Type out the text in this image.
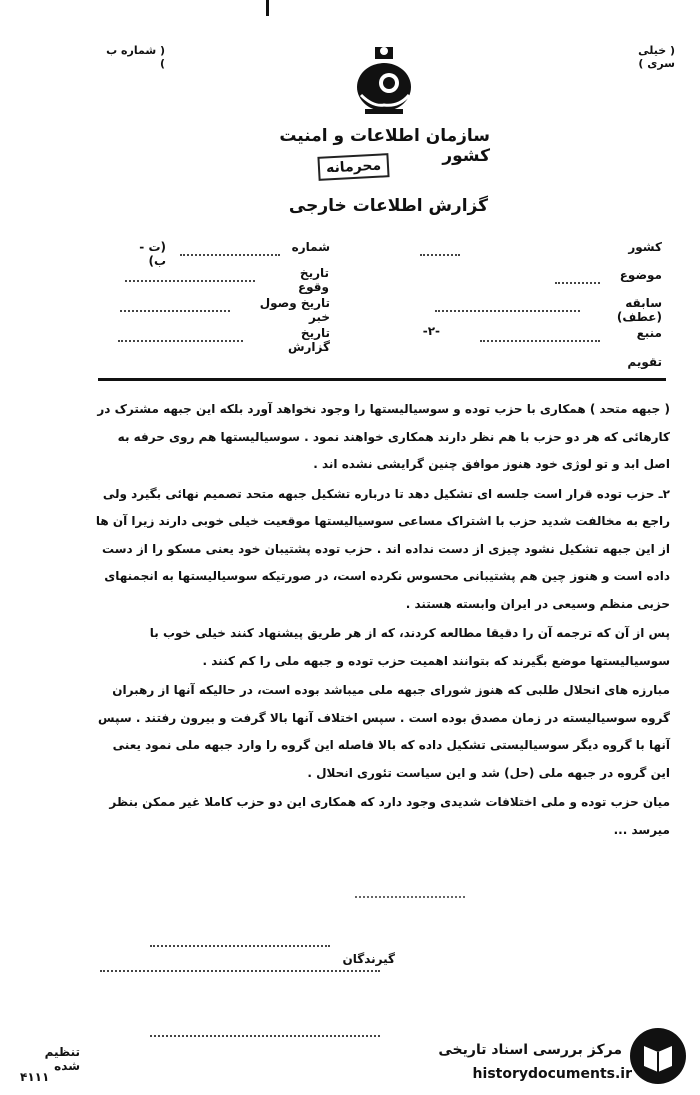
( شماره ب )
( خیلی سری )
سازمان اطلاعات و امنیت کشور
محرمانه
گزارش اطلاعات خارجی
کشور
شماره
(ت - ب)
موضوع
تاریخ وقوع
سابقه (عطف)
تاریخ وصول خبر
منبع
-۲-
تاریخ گزارش
تقویم

( جبهه متحد ) همکاری با حزب توده و سوسیالیستها را وجود نخواهد آورد بلکه این جبهه مشترک در کارهائی که هر دو حزب با هم نظر دارند همکاری خواهند نمود . سوسیالیستها هم روی حرفه به اصل ابد و تو لوژی خود هنوز موافق چنین گرایشی نشده اند .

۲ـ حزب توده قرار است جلسه ای تشکیل دهد تا درباره تشکیل جبهه متحد تصمیم نهائی بگیرد ولی راجع به مخالفت شدید حزب با اشتراک مساعی سوسیالیستها موقعیت خیلی خوبی دارند زیرا آن ها از این جبهه تشکیل نشود چیزی از دست نداده اند . حزب توده پشتیبان خود یعنی مسکو را از دست داده است و هنوز چین هم پشتیبانی محسوس نکرده است، در صورتیکه سوسیالیستها به انجمنهای حزبی منظم وسیعی در ایران وابسته هستند .

پس از آن که ترجمه آن را دقیقا مطالعه کردند، که از هر طریق پیشنهاد کنند خیلی خوب با سوسیالیستها موضع بگیرند که بتوانند اهمیت حزب توده و جبهه ملی را کم کنند .

مبارزه های انحلال طلبی که هنوز شورای جبهه ملی میباشد بوده است، در حالیکه آنها از رهبران گروه سوسیالیسته در زمان مصدق بوده است . سپس اختلاف آنها بالا گرفت و بیرون رفتند . سپس آنها با گروه دیگر سوسیالیستی تشکیل داده که بالا فاصله این گروه را وارد جبهه ملی نمود یعنی این گروه در جبهه ملی (حل) شد و این سیاست تئوری انحلال .

میان حزب توده و ملی اختلافات شدیدی وجود دارد که همکاری این دو حزب کاملا غیر ممکن بنظر میرسد ...

گیرندگان
تنظیم شده
۴۱۱۱
مرکز بررسی اسناد تاریخی
historydocuments.ir
